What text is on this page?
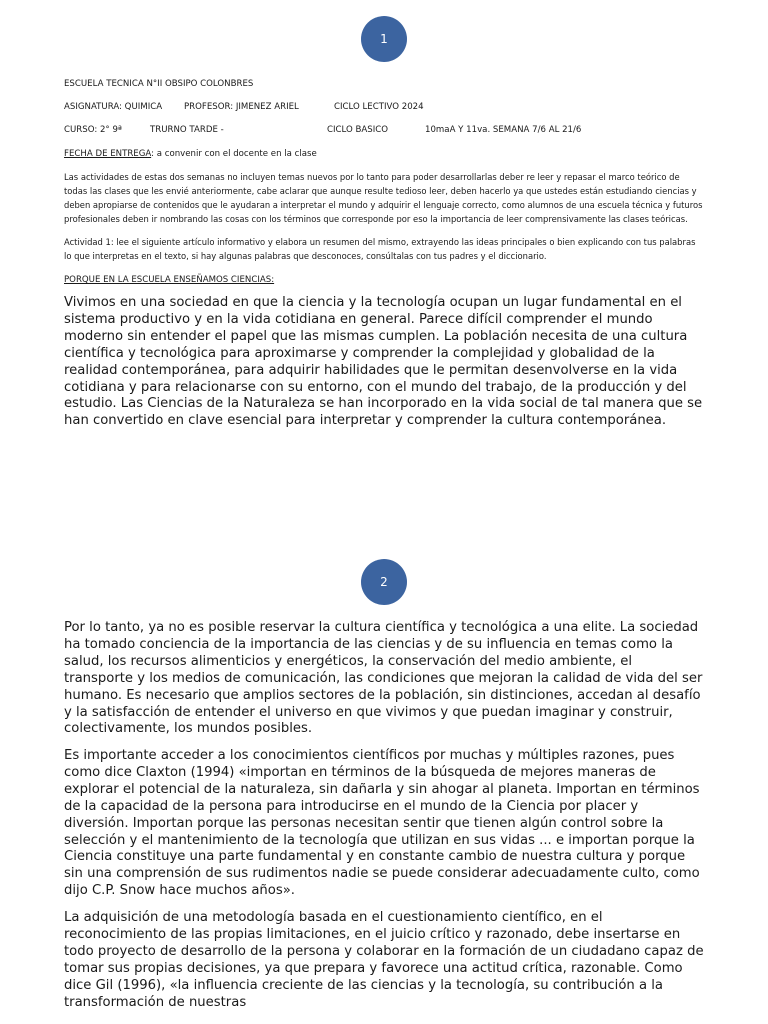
1
ESCUELA TECNICA N°II OBSIPO COLONBRES
ASIGNATURA: QUIMICA	PROFESOR: JIMENEZ ARIEL	CICLO LECTIVO 2024
CURSO: 2° 9ª	TRURNO TARDE -	CICLO BASICO	10maA Y 11va. SEMANA 7/6 AL 21/6
FECHA DE ENTREGA: a convenir con el docente en la clase
Las actividades de estas dos semanas no incluyen temas nuevos por lo tanto para poder desarrollarlas deber re leer y repasar el marco teórico de todas las clases que les envié anteriormente, cabe aclarar que aunque resulte tedioso leer, deben hacerlo ya que ustedes están estudiando ciencias y deben apropiarse de contenidos que le ayudaran a interpretar el mundo y adquirir el lenguaje correcto, como alumnos de una escuela técnica y futuros profesionales deben ir nombrando las cosas con los términos que corresponde por eso la importancia de leer comprensivamente las clases teóricas.
Actividad 1: lee el siguiente artículo informativo y elabora un resumen del mismo, extrayendo las ideas principales o bien explicando con tus palabras lo que interpretas en el texto, si hay algunas palabras que desconoces, consúltalas con tus padres y el diccionario.
PORQUE EN LA ESCUELA ENSEÑAMOS CIENCIAS:

Vivimos en una sociedad en que la ciencia y la tecnología ocupan un lugar fundamental en el sistema productivo y en la vida cotidiana en general. Parece difícil comprender el mundo moderno sin entender el papel que las mismas cumplen. La población necesita de una cultura científica y tecnológica para aproximarse y comprender la complejidad y globalidad de la realidad contemporánea, para adquirir habilidades que le permitan desenvolverse en la vida cotidiana y para relacionarse con su entorno, con el mundo del trabajo, de la producción y del estudio. Las Ciencias de la Naturaleza se han incorporado en la vida social de tal manera que se han convertido en clave esencial para interpretar y comprender la cultura contemporánea.

2

Por lo tanto, ya no es posible reservar la cultura científica y tecnológica a una elite. La sociedad ha tomado conciencia de la importancia de las ciencias y de su influencia en temas como la salud, los recursos alimenticios y energéticos, la conservación del medio ambiente, el transporte y los medios de comunicación, las condiciones que mejoran la calidad de vida del ser humano. Es necesario que amplios sectores de la población, sin distinciones, accedan al desafío y la satisfacción de entender el universo en que vivimos y que puedan imaginar y construir, colectivamente, los mundos posibles.

Es importante acceder a los conocimientos científicos por muchas y múltiples razones, pues como dice Claxton (1994) «importan en términos de la búsqueda de mejores maneras de explorar el potencial de la naturaleza, sin dañarla y sin ahogar al planeta. Importan en términos de la capacidad de la persona para introducirse en el mundo de la Ciencia por placer y diversión. Importan porque las personas necesitan sentir que tienen algún control sobre la selección y el mantenimiento de la tecnología que utilizan en sus vidas ... e importan porque la Ciencia constituye una parte fundamental y en constante cambio de nuestra cultura y porque sin una comprensión de sus rudimentos nadie se puede considerar adecuadamente culto, como dijo C.P. Snow hace muchos años».

La adquisición de una metodología basada en el cuestionamiento científico, en el reconocimiento de las propias limitaciones, en el juicio crítico y razonado, debe insertarse en todo proyecto de desarrollo de la persona y colaborar en la formación de un ciudadano capaz de tomar sus propias decisiones, ya que prepara y favorece una actitud crítica, razonable. Como dice Gil (1996), «la influencia creciente de las ciencias y la tecnología, su contribución a la transformación de nuestras
